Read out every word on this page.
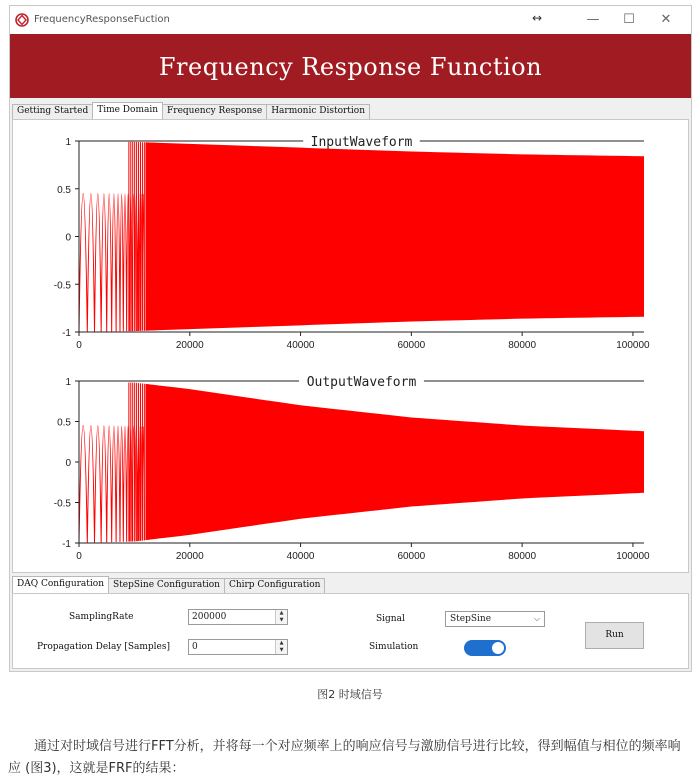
FrequencyResponseFuction	↔	—	☐	✕
Frequency Response Function
Getting Started	Time Domain	Frequency Response	Harmonic Distortion
InputWaveform
1
0.5
0
-0.5
-1
0	20000	40000	60000	80000	100000
OutputWaveform
1
0.5
0
-0.5
-1
0	20000	40000	60000	80000	100000
DAQ Configuration	StepSine Configuration	Chirp Configuration
SamplingRate	200000	▲
▼
Propagation Delay [Samples]	0	▲
▼
Signal	StepSine	⌵
Simulation
Run
图2 时域信号
通过对时域信号进行FFT分析，并将每一个对应频率上的响应信号与激励信号进行比较，得到幅值与相位的频率响应 (图3)，这就是FRF的结果：
